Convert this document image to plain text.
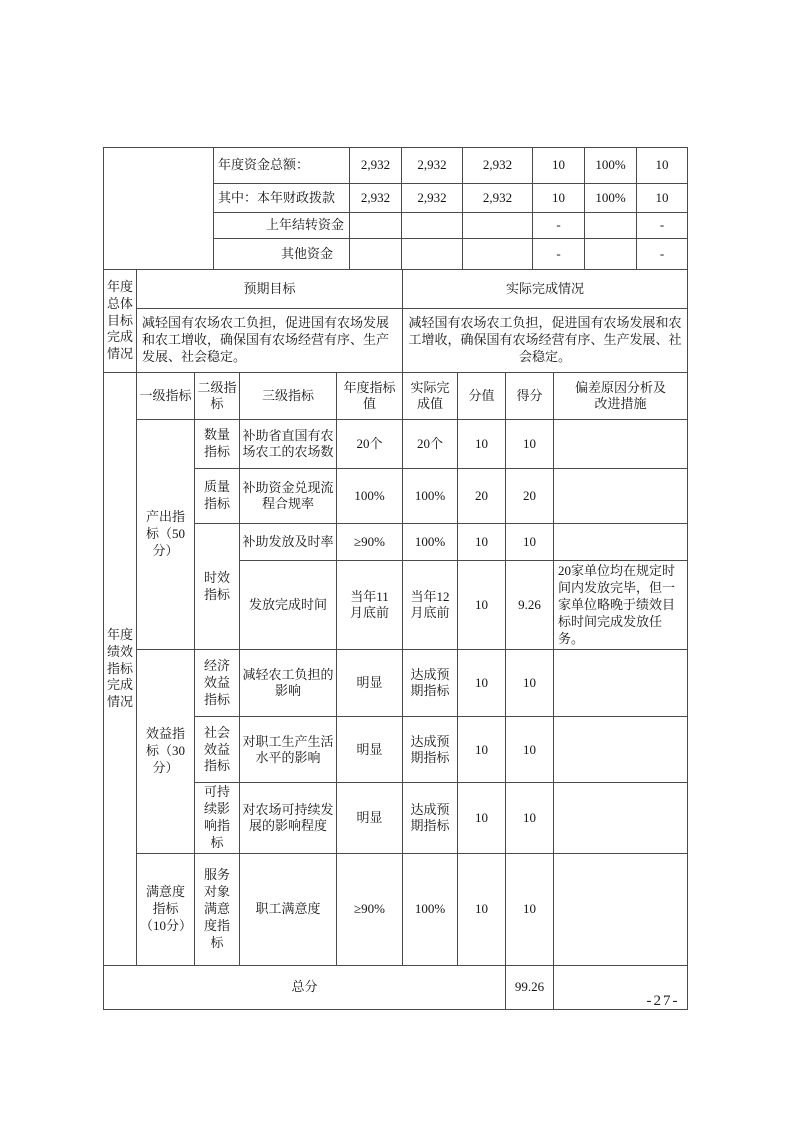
	年度资金总额：	2,932	2,932	2,932	10	100%	10
	其中：本年财政拨款	2,932	2,932	2,932	10	100%	10
	上年结转资金				-		-
	其他资金				-		-
年度总体目标完成情况	预期目标	实际完成情况
	减轻国有农场农工负担，促进国有农场发展和农工增收，确保国有农场经营有序、生产发展、社会稳定。	减轻国有农场农工负担，促进国有农场发展和农工增收，确保国有农场经营有序、生产发展、社会稳定。
年度绩效指标完成情况	一级指标	二级指标	三级指标	年度指标值	实际完成值	分值	得分	偏差原因分析及改进措施
	产出指标（50分）	数量指标	补助省直国有农场农工的农场数	20个	20个	10	10	
		质量指标	补助资金兑现流程合规率	100%	100%	20	20	
		时效指标	补助发放及时率	≥90%	100%	10	10	
			发放完成时间	当年11月底前	当年12月底前	10	9.26	20家单位均在规定时间内发放完毕，但一家单位略晚于绩效目标时间完成发放任务。
	效益指标（30分）	经济效益指标	减轻农工负担的影响	明显	达成预期指标	10	10	
		社会效益指标	对职工生产生活水平的影响	明显	达成预期指标	10	10	
		可持续影响指标	对农场可持续发展的影响程度	明显	达成预期指标	10	10	
	满意度指标（10分）	服务对象满意度指标	职工满意度	≥90%	100%	10	10	
总分							99.26	
-27-
